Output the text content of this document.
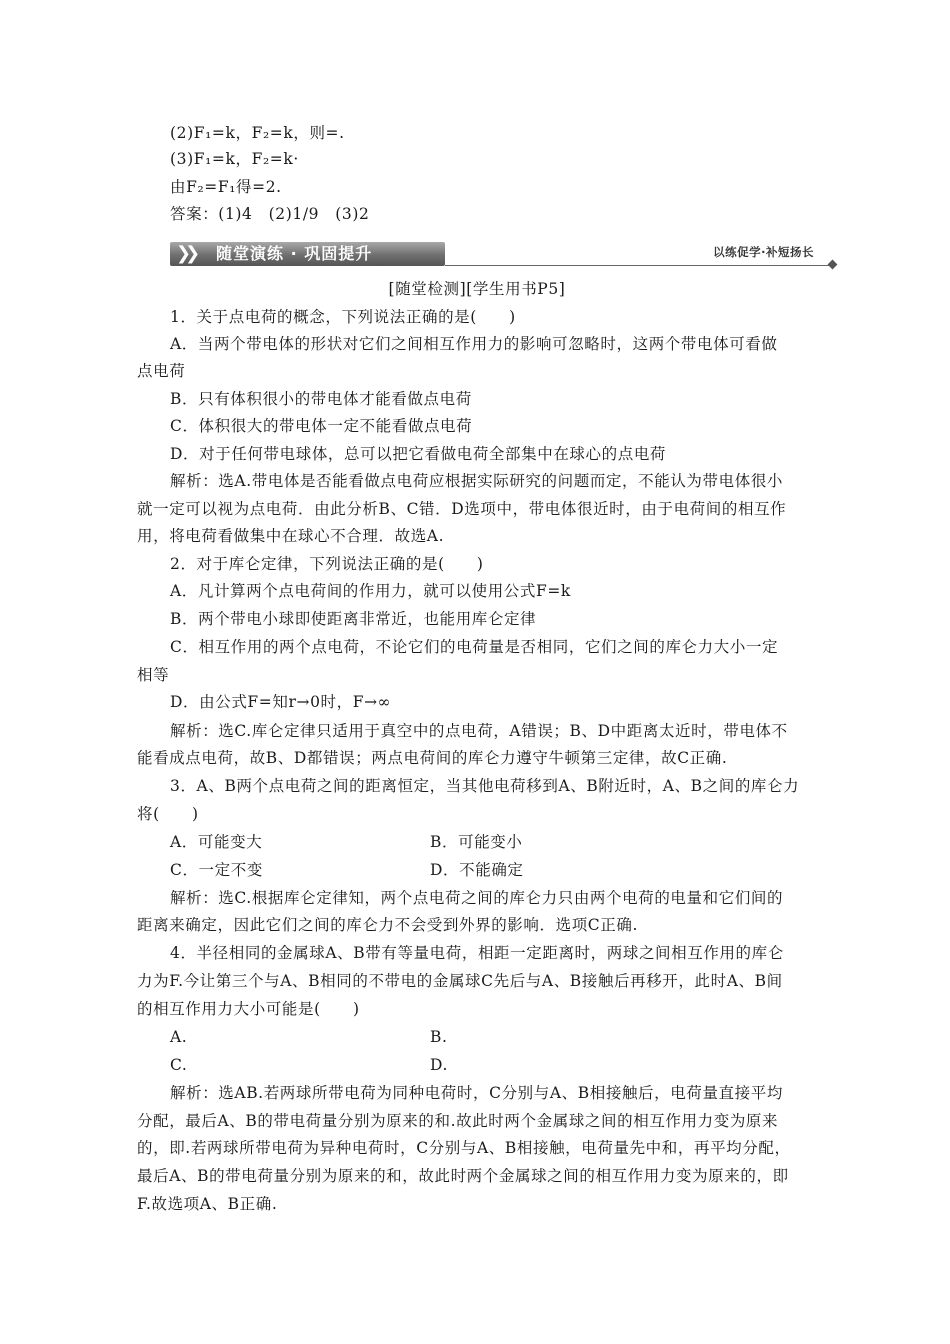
(2)F₁=k，F₂=k，则=.
(3)F₁=k，F₂=k·
由F₂=F₁得=2.
答案：(1)4　(2)1/9　(3)2
❯❯ 随堂演练 · 巩固提升	以练促学·补短扬长
[随堂检测][学生用书P5]
1．关于点电荷的概念，下列说法正确的是(　　)
A．当两个带电体的形状对它们之间相互作用力的影响可忽略时，这两个带电体可看做
点电荷
B．只有体积很小的带电体才能看做点电荷
C．体积很大的带电体一定不能看做点电荷
D．对于任何带电球体，总可以把它看做电荷全部集中在球心的点电荷
解析：选A.带电体是否能看做点电荷应根据实际研究的问题而定，不能认为带电体很小
就一定可以视为点电荷．由此分析B、C错．D选项中，带电体很近时，由于电荷间的相互作
用，将电荷看做集中在球心不合理．故选A.
2．对于库仑定律，下列说法正确的是(　　)
A．凡计算两个点电荷间的作用力，就可以使用公式F=k
B．两个带电小球即使距离非常近，也能用库仑定律
C．相互作用的两个点电荷，不论它们的电荷量是否相同，它们之间的库仑力大小一定
相等
D．由公式F=知r→0时，F→∞
解析：选C.库仑定律只适用于真空中的点电荷，A错误；B、D中距离太近时，带电体不
能看成点电荷，故B、D都错误；两点电荷间的库仑力遵守牛顿第三定律，故C正确.
3．A、B两个点电荷之间的距离恒定，当其他电荷移到A、B附近时，A、B之间的库仑力
将(　　)
A．可能变大	B．可能变小
C．一定不变	D．不能确定
解析：选C.根据库仑定律知，两个点电荷之间的库仑力只由两个电荷的电量和它们间的
距离来确定，因此它们之间的库仑力不会受到外界的影响．选项C正确.
4．半径相同的金属球A、B带有等量电荷，相距一定距离时，两球之间相互作用的库仑
力为F.今让第三个与A、B相同的不带电的金属球C先后与A、B接触后再移开，此时A、B间
的相互作用力大小可能是(　　)
A.	B.
C.	D.
解析：选AB.若两球所带电荷为同种电荷时，C分别与A、B相接触后，电荷量直接平均
分配，最后A、B的带电荷量分别为原来的和.故此时两个金属球之间的相互作用力变为原来
的，即.若两球所带电荷为异种电荷时，C分别与A、B相接触，电荷量先中和，再平均分配，
最后A、B的带电荷量分别为原来的和，故此时两个金属球之间的相互作用力变为原来的，即
F.故选项A、B正确.
